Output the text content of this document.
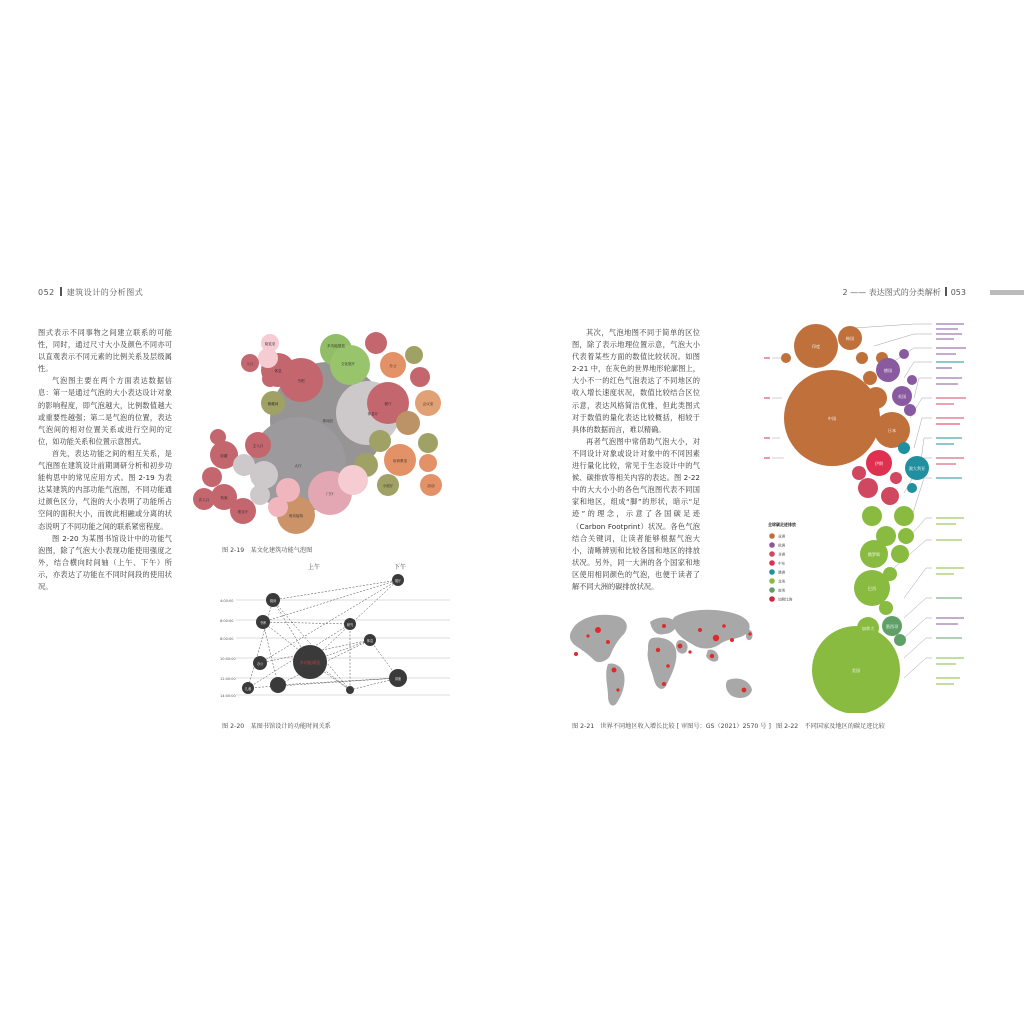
052 建筑设计的分析图式	2 —— 表达图式的分类解析 053

图式表示不同事物之间建立联系的可能性，同时，通过尺寸大小及颜色不同亦可以直观表示不同元素的比例关系及层级属性。

气泡图主要在两个方面表达数据信息：第一是通过气泡的大小表达设计对象的影响程度，即气泡越大，比例数值越大或重要性越强；第二是气泡的位置，表达气泡间的相对位置关系或进行空间的定位，如功能关系和位置示意图式。

首先，表达功能之间的相互关系，是气泡图在建筑设计前期调研分析和初步功能构思中的常见应用方式。图 2-19 为表达某建筑的内部功能气泡图，不同功能通过颜色区分，气泡的大小表明了功能所占空间的面积大小，而彼此相融或分离的状态说明了不同功能之间的联系紧密程度。

图 2-20 为某图书馆设计中的功能气泡图，除了气泡大小表现功能使用强度之外，结合横向时间轴（上午、下午）所示，亦表达了功能在不同时间段的使用状况。

休闲区
大厅
书吧
文化展厅
多功能展览
餐厅
休息厅
办公
会议室
培训教室
门厅
贵宾接待
收藏
主入口
报告厅
档案
阅览室
入口
休息
储藏间
活动
小展厅
次入口
图 2-19　某文化建筑功能气泡图
上午	下午
4:00:00
6:00:00
8:00:00
10:00:00
12:00:00
14:00:00
多功能阅览
阅读
书库
办公
研究
休息
展厅
讲座
儿童
图 2-20　某图书馆设计的功能时间关系

其次，气泡地图不同于简单的区位图，除了表示地理位置示意，气泡大小代表着某些方面的数值比较状况。如图 2-21 中，在灰色的世界地形轮廓图上，大小不一的红色气泡表达了不同地区的收入增长速度状况，数值比较结合区位示意，表达风格简洁优雅，但此类图式对于数值的量化表达比较概括，相较于具体的数据而言，难以精确。

再者气泡图中常借助气泡大小，对不同设计对象或设计对象中的不同因素进行量化比较，常见于生态设计中的气候、碳排放等相关内容的表达。图 2-22 中的大大小小的各色气泡图代表不同国家和地区，组成“脚”的形状，暗示“足迹”的理念，示意了各国碳足迹（Carbon Footprint）状况。各色气泡结合关键词，让读者能够根据气泡大小，清晰辨别和比较各国和地区的排放状况。另外，同一大洲的各个国家和地区使用相同颜色的气泡，也便于读者了解不同大洲的碳排放状况。

图 2-21　世界不同地区收入增长比较 [ 审图号：GS（2021）2570 号 ]
全球碳足迹排放
亚洲
欧洲
非洲
中东
澳洲
北美
南美
加勒比海
中国
印度
俄罗斯
日本
韩国
美国
加拿大	墨西哥
巴西
德国
英国
澳大利亚
伊朗
图 2-22　不同国家及地区的碳足迹比较
